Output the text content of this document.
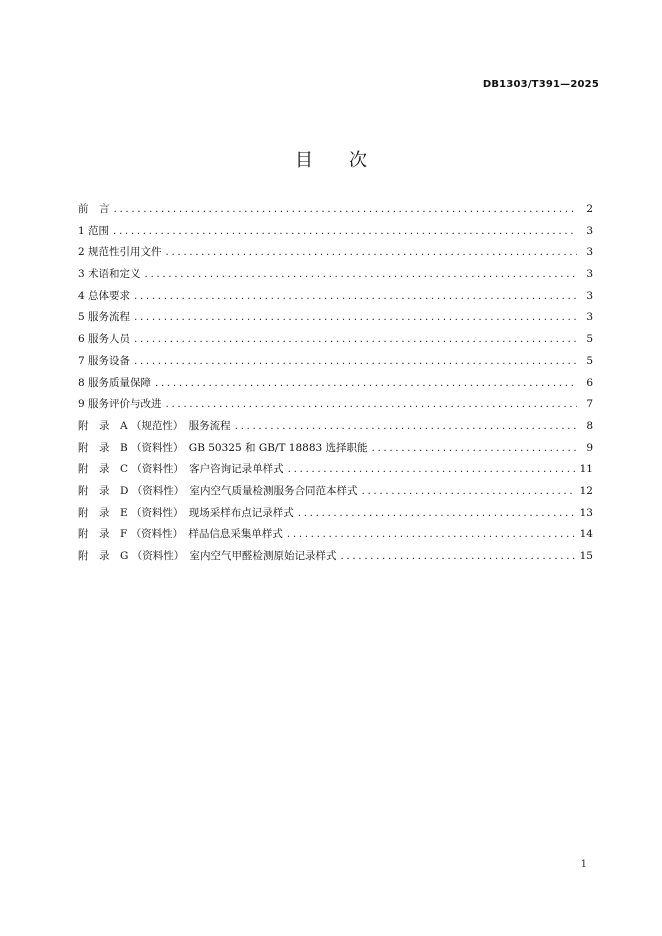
DB1303/T391—2025
目次
前　言 .....	2
1 范围 .....	3
2 规范性引用文件 .....	3
3 术语和定义 .....	3
4 总体要求 .....	3
5 服务流程 .....	3
6 服务人员 .....	5
7 服务设备 .....	5
8 服务质量保障 .....	6
9 服务评价与改进 .....	7
附　录　A （规范性）　服务流程 .....	8
附　录　B （资料性）　GB 50325 和 GB/T 18883 选择职能 .....	9
附　录　C （资料性）　客户咨询记录单样式 .....	11
附　录　D （资料性）　室内空气质量检测服务合同范本样式 .....	12
附　录　E （资料性）　现场采样布点记录样式 .....	13
附　录　F （资料性）　样品信息采集单样式 .....	14
附　录　G （资料性）　室内空气甲醛检测原始记录样式 .....	15
1
